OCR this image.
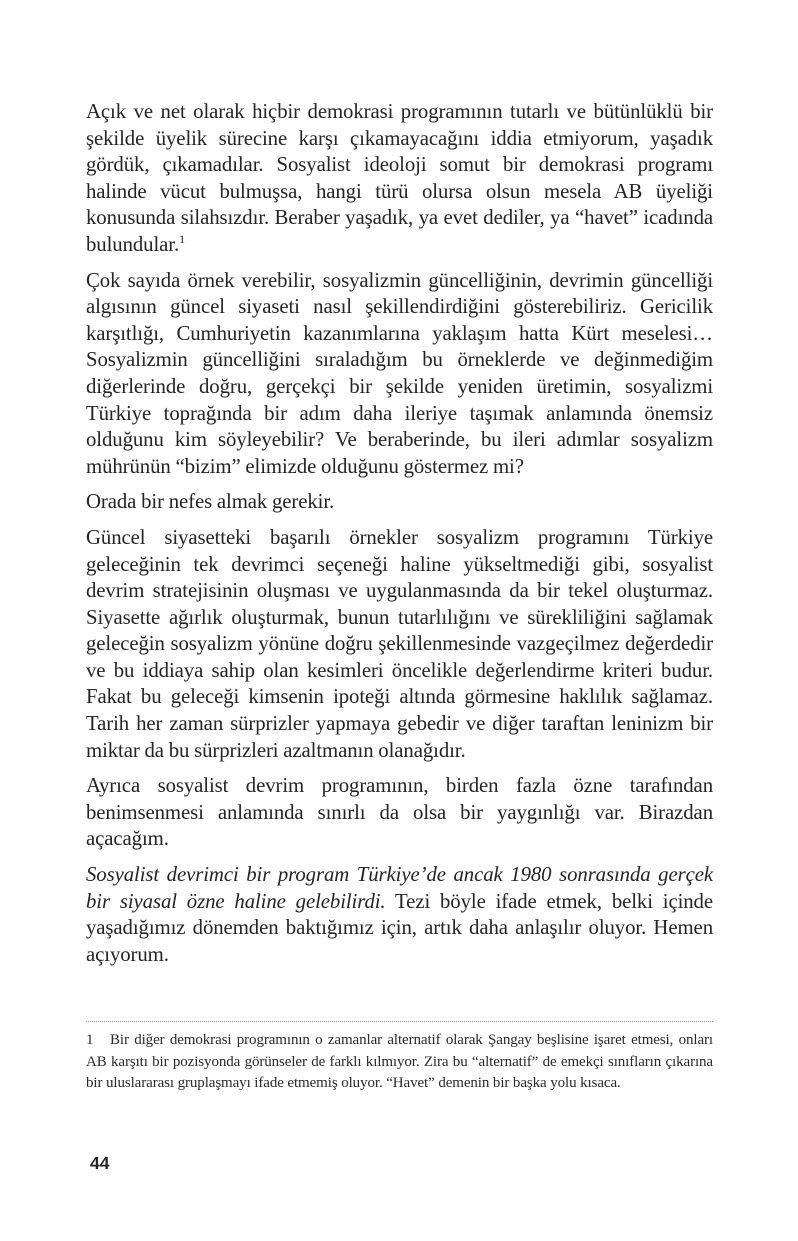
Açık ve net olarak hiçbir demokrasi programının tutarlı ve bütünlüklü bir şekilde üyelik sürecine karşı çıkamayacağını iddia etmiyorum, yaşadık gördük, çıkamadılar. Sosyalist ideoloji somut bir demokrasi programı halinde vücut bulmuşsa, hangi türü olursa olsun mesela AB üyeliği konusunda silahsızdır. Beraber yaşadık, ya evet dediler, ya “havet” icadında bulundular.$^1$

Çok sayıda örnek verebilir, sosyalizmin güncelliğinin, devrimin güncelliği algısının güncel siyaseti nasıl şekillendirdiğini gösterebiliriz. Gericilik karşıtlığı, Cumhuriyetin kazanımlarına yaklaşım hatta Kürt meselesi… Sosyalizmin güncelliğini sıraladığım bu örneklerde ve değinmediğim diğerlerinde doğru, gerçekçi bir şekilde yeniden üretimin, sosyalizmi Türkiye toprağında bir adım daha ileriye taşımak anlamında önemsiz olduğunu kim söyleyebilir? Ve beraberinde, bu ileri adımlar sosyalizm mührünün “bizim” elimizde olduğunu göstermez mi?

Orada bir nefes almak gerekir.

Güncel siyasetteki başarılı örnekler sosyalizm programını Türkiye geleceğinin tek devrimci seçeneği haline yükseltmediği gibi, sosyalist devrim stratejisinin oluşması ve uygulanmasında da bir tekel oluşturmaz. Siyasette ağırlık oluşturmak, bunun tutarlılığını ve sürekliliğini sağlamak geleceğin sosyalizm yönüne doğru şekillenmesinde vazgeçilmez değerdedir ve bu iddiaya sahip olan kesimleri öncelikle değerlendirme kriteri budur. Fakat bu geleceği kimsenin ipoteği altında görmesine haklılık sağlamaz. Tarih her zaman sürprizler yapmaya gebedir ve diğer taraftan leninizm bir miktar da bu sürprizleri azaltmanın olanağıdır.

Ayrıca sosyalist devrim programının, birden fazla özne tarafından benimsenmesi anlamında sınırlı da olsa bir yaygınlığı var. Birazdan açacağım.

Sosyalist devrimci bir program Türkiye’de ancak 1980 sonrasında gerçek bir siyasal özne haline gelebilirdi. Tezi böyle ifade etmek, belki içinde yaşadığımız dönemden baktığımız için, artık daha anlaşılır oluyor. Hemen açıyorum.

1 Bir diğer demokrasi programının o zamanlar alternatif olarak Şangay beşlisine işaret etmesi, onları AB karşıtı bir pozisyonda görünseler de farklı kılmıyor. Zira bu “alternatif” de emekçi sınıfların çıkarına bir uluslararası gruplaşmayı ifade etmemiş oluyor. “Havet” demenin bir başka yolu kısaca.
44
